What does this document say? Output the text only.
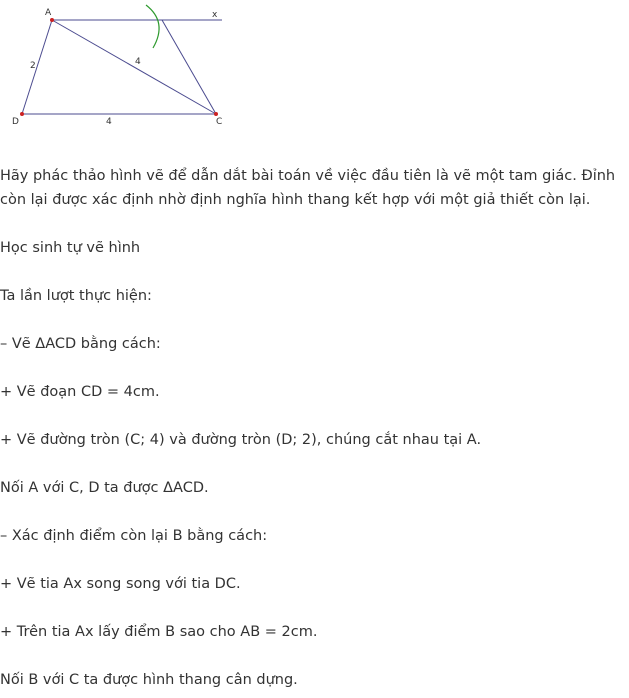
A	x
D	C
2	4
4

Hãy phác thảo hình vẽ để dẫn dắt bài toán về việc đầu tiên là vẽ một tam giác. Đỉnh còn lại được xác định nhờ định nghĩa hình thang kết hợp với một giả thiết còn lại.

Học sinh tự vẽ hình

Ta lần lượt thực hiện:

– Vẽ ΔACD bằng cách:

+ Vẽ đoạn CD = 4cm.

+ Vẽ đường tròn (C; 4) và đường tròn (D; 2), chúng cắt nhau tại A.

Nối A với C, D ta được ΔACD.

– Xác định điểm còn lại B bằng cách:

+ Vẽ tia Ax song song với tia DC.

+ Trên tia Ax lấy điểm B sao cho AB = 2cm.

Nối B với C ta được hình thang cân dựng.
